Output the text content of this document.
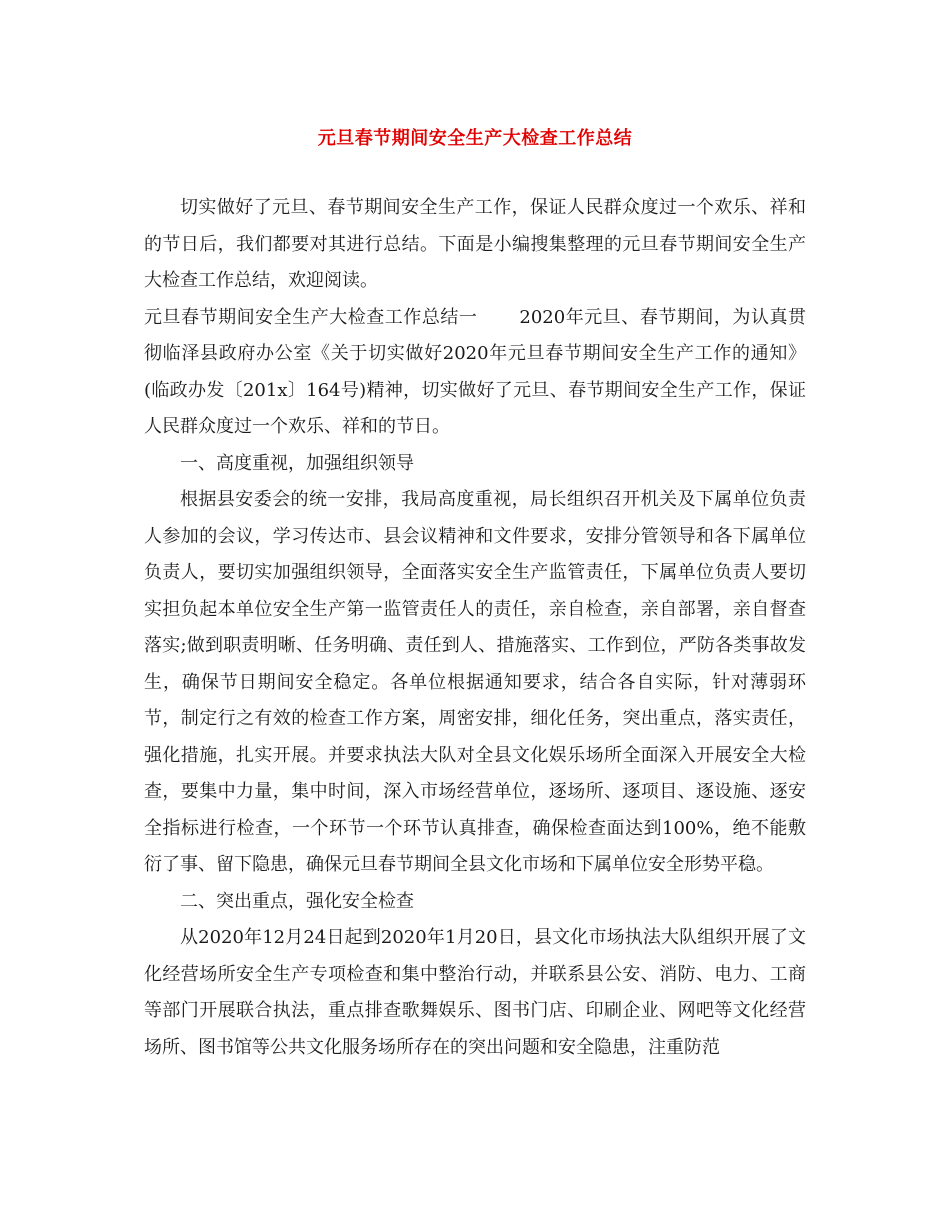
元旦春节期间安全生产大检查工作总结

切实做好了元旦、春节期间安全生产工作，保证人民群众度过一个欢乐、祥和的节日后，我们都要对其进行总结。下面是小编搜集整理的元旦春节期间安全生产大检查工作总结，欢迎阅读。

元旦春节期间安全生产大检查工作总结一 2020年元旦、春节期间，为认真贯彻临泽县政府办公室《关于切实做好2020年元旦春节期间安全生产工作的通知》(临政办发〔201x〕164号)精神，切实做好了元旦、春节期间安全生产工作，保证人民群众度过一个欢乐、祥和的节日。

一、高度重视，加强组织领导

根据县安委会的统一安排，我局高度重视，局长组织召开机关及下属单位负责人参加的会议，学习传达市、县会议精神和文件要求，安排分管领导和各下属单位负责人，要切实加强组织领导，全面落实安全生产监管责任，下属单位负责人要切实担负起本单位安全生产第一监管责任人的责任，亲自检查，亲自部署，亲自督查落实;做到职责明晰、任务明确、责任到人、措施落实、工作到位，严防各类事故发生，确保节日期间安全稳定。各单位根据通知要求，结合各自实际，针对薄弱环节，制定行之有效的检查工作方案，周密安排，细化任务，突出重点，落实责任，强化措施，扎实开展。并要求执法大队对全县文化娱乐场所全面深入开展安全大检查，要集中力量，集中时间，深入市场经营单位，逐场所、逐项目、逐设施、逐安全指标进行检查，一个环节一个环节认真排查，确保检查面达到100%，绝不能敷衍了事、留下隐患，确保元旦春节期间全县文化市场和下属单位安全形势平稳。

二、突出重点，强化安全检查

从2020年12月24日起到2020年1月20日，县文化市场执法大队组织开展了文化经营场所安全生产专项检查和集中整治行动，并联系县公安、消防、电力、工商等部门开展联合执法，重点排查歌舞娱乐、图书门店、印刷企业、网吧等文化经营场所、图书馆等公共文化服务场所存在的突出问题和安全隐患，注重防范
